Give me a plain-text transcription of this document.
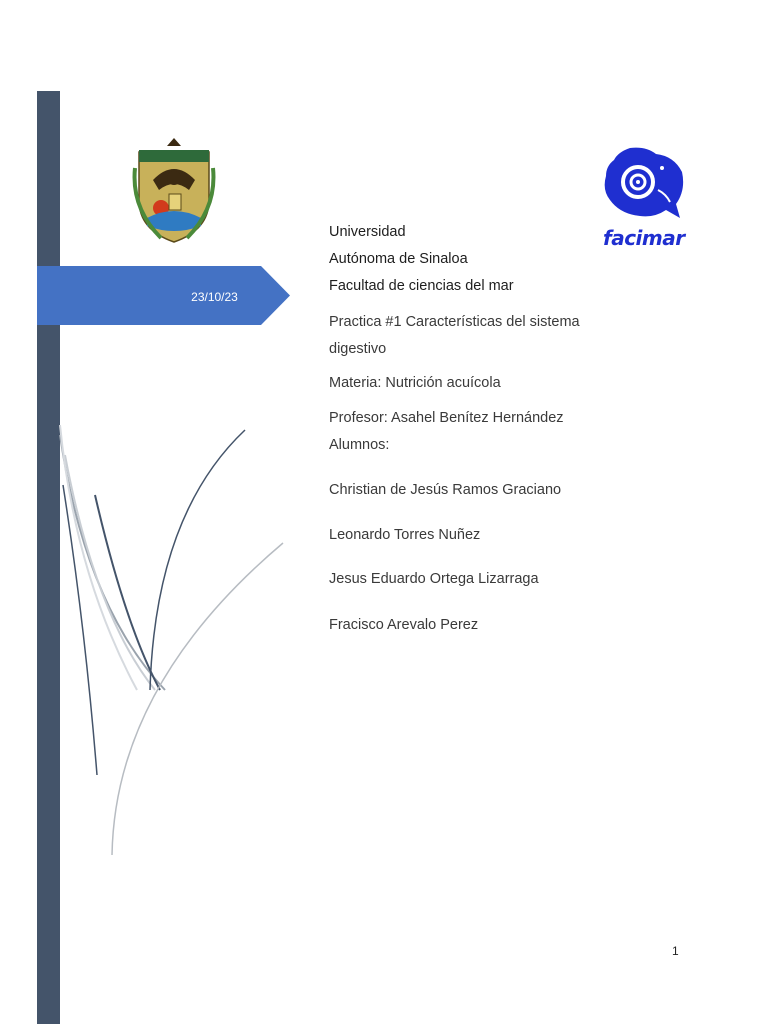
23/10/23
facimar
Universidad
Autónoma de Sinaloa
Facultad de ciencias del mar
Practica #1 Características del sistema
digestivo
Materia: Nutrición acuícola
Profesor: Asahel Benítez Hernández
Alumnos:
Christian de Jesús Ramos Graciano
Leonardo Torres Nuñez
Jesus Eduardo Ortega Lizarraga
Fracisco Arevalo Perez
1
